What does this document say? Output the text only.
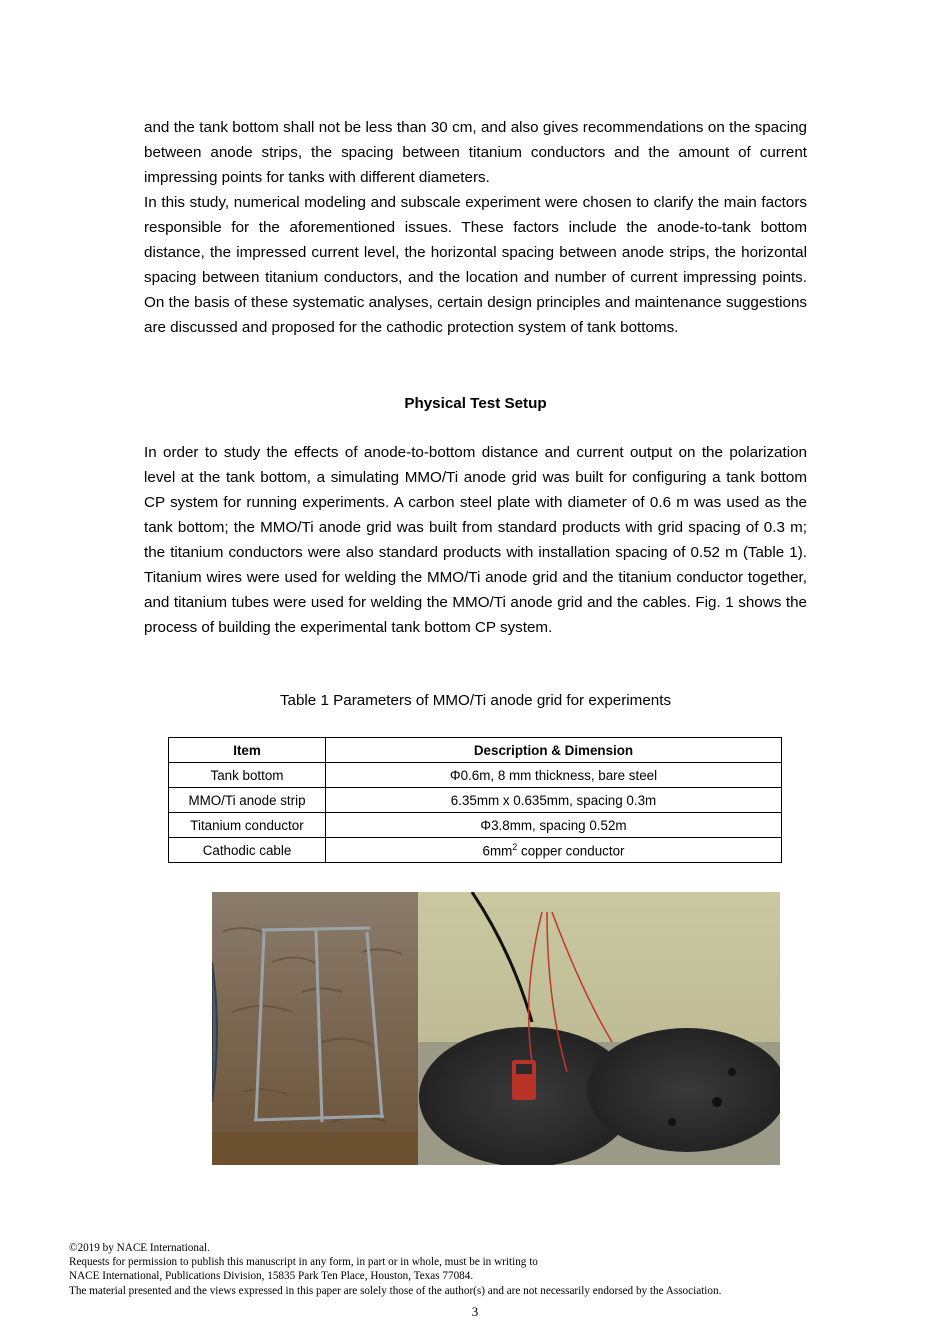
and the tank bottom shall not be less than 30 cm, and also gives recommendations on the spacing between anode strips, the spacing between titanium conductors and the amount of current impressing points for tanks with different diameters.

In this study, numerical modeling and subscale experiment were chosen to clarify the main factors responsible for the aforementioned issues. These factors include the anode-to-tank bottom distance, the impressed current level, the horizontal spacing between anode strips, the horizontal spacing between titanium conductors, and the location and number of current impressing points. On the basis of these systematic analyses, certain design principles and maintenance suggestions are discussed and proposed for the cathodic protection system of tank bottoms.

Physical Test Setup

In order to study the effects of anode-to-bottom distance and current output on the polarization level at the tank bottom, a simulating MMO/Ti anode grid was built for configuring a tank bottom CP system for running experiments. A carbon steel plate with diameter of 0.6 m was used as the tank bottom; the MMO/Ti anode grid was built from standard products with grid spacing of 0.3 m; the titanium conductors were also standard products with installation spacing of 0.52 m (Table 1). Titanium wires were used for welding the MMO/Ti anode grid and the titanium conductor together, and titanium tubes were used for welding the MMO/Ti anode grid and the cables. Fig. 1 shows the process of building the experimental tank bottom CP system.

Table 1 Parameters of MMO/Ti anode grid for experiments

Item	Description & Dimension
Tank bottom	Φ0.6m, 8 mm thickness, bare steel
MMO/Ti anode strip	6.35mm x 0.635mm, spacing 0.3m
Titanium conductor	Φ3.8mm, spacing 0.52m
Cathodic cable	$6mm^2$ copper conductor
©2019 by NACE International.
Requests for permission to publish this manuscript in any form, in part or in whole, must be in writing to
NACE International, Publications Division, 15835 Park Ten Place, Houston, Texas 77084.
The material presented and the views expressed in this paper are solely those of the author(s) and are not necessarily endorsed by the Association.
3
